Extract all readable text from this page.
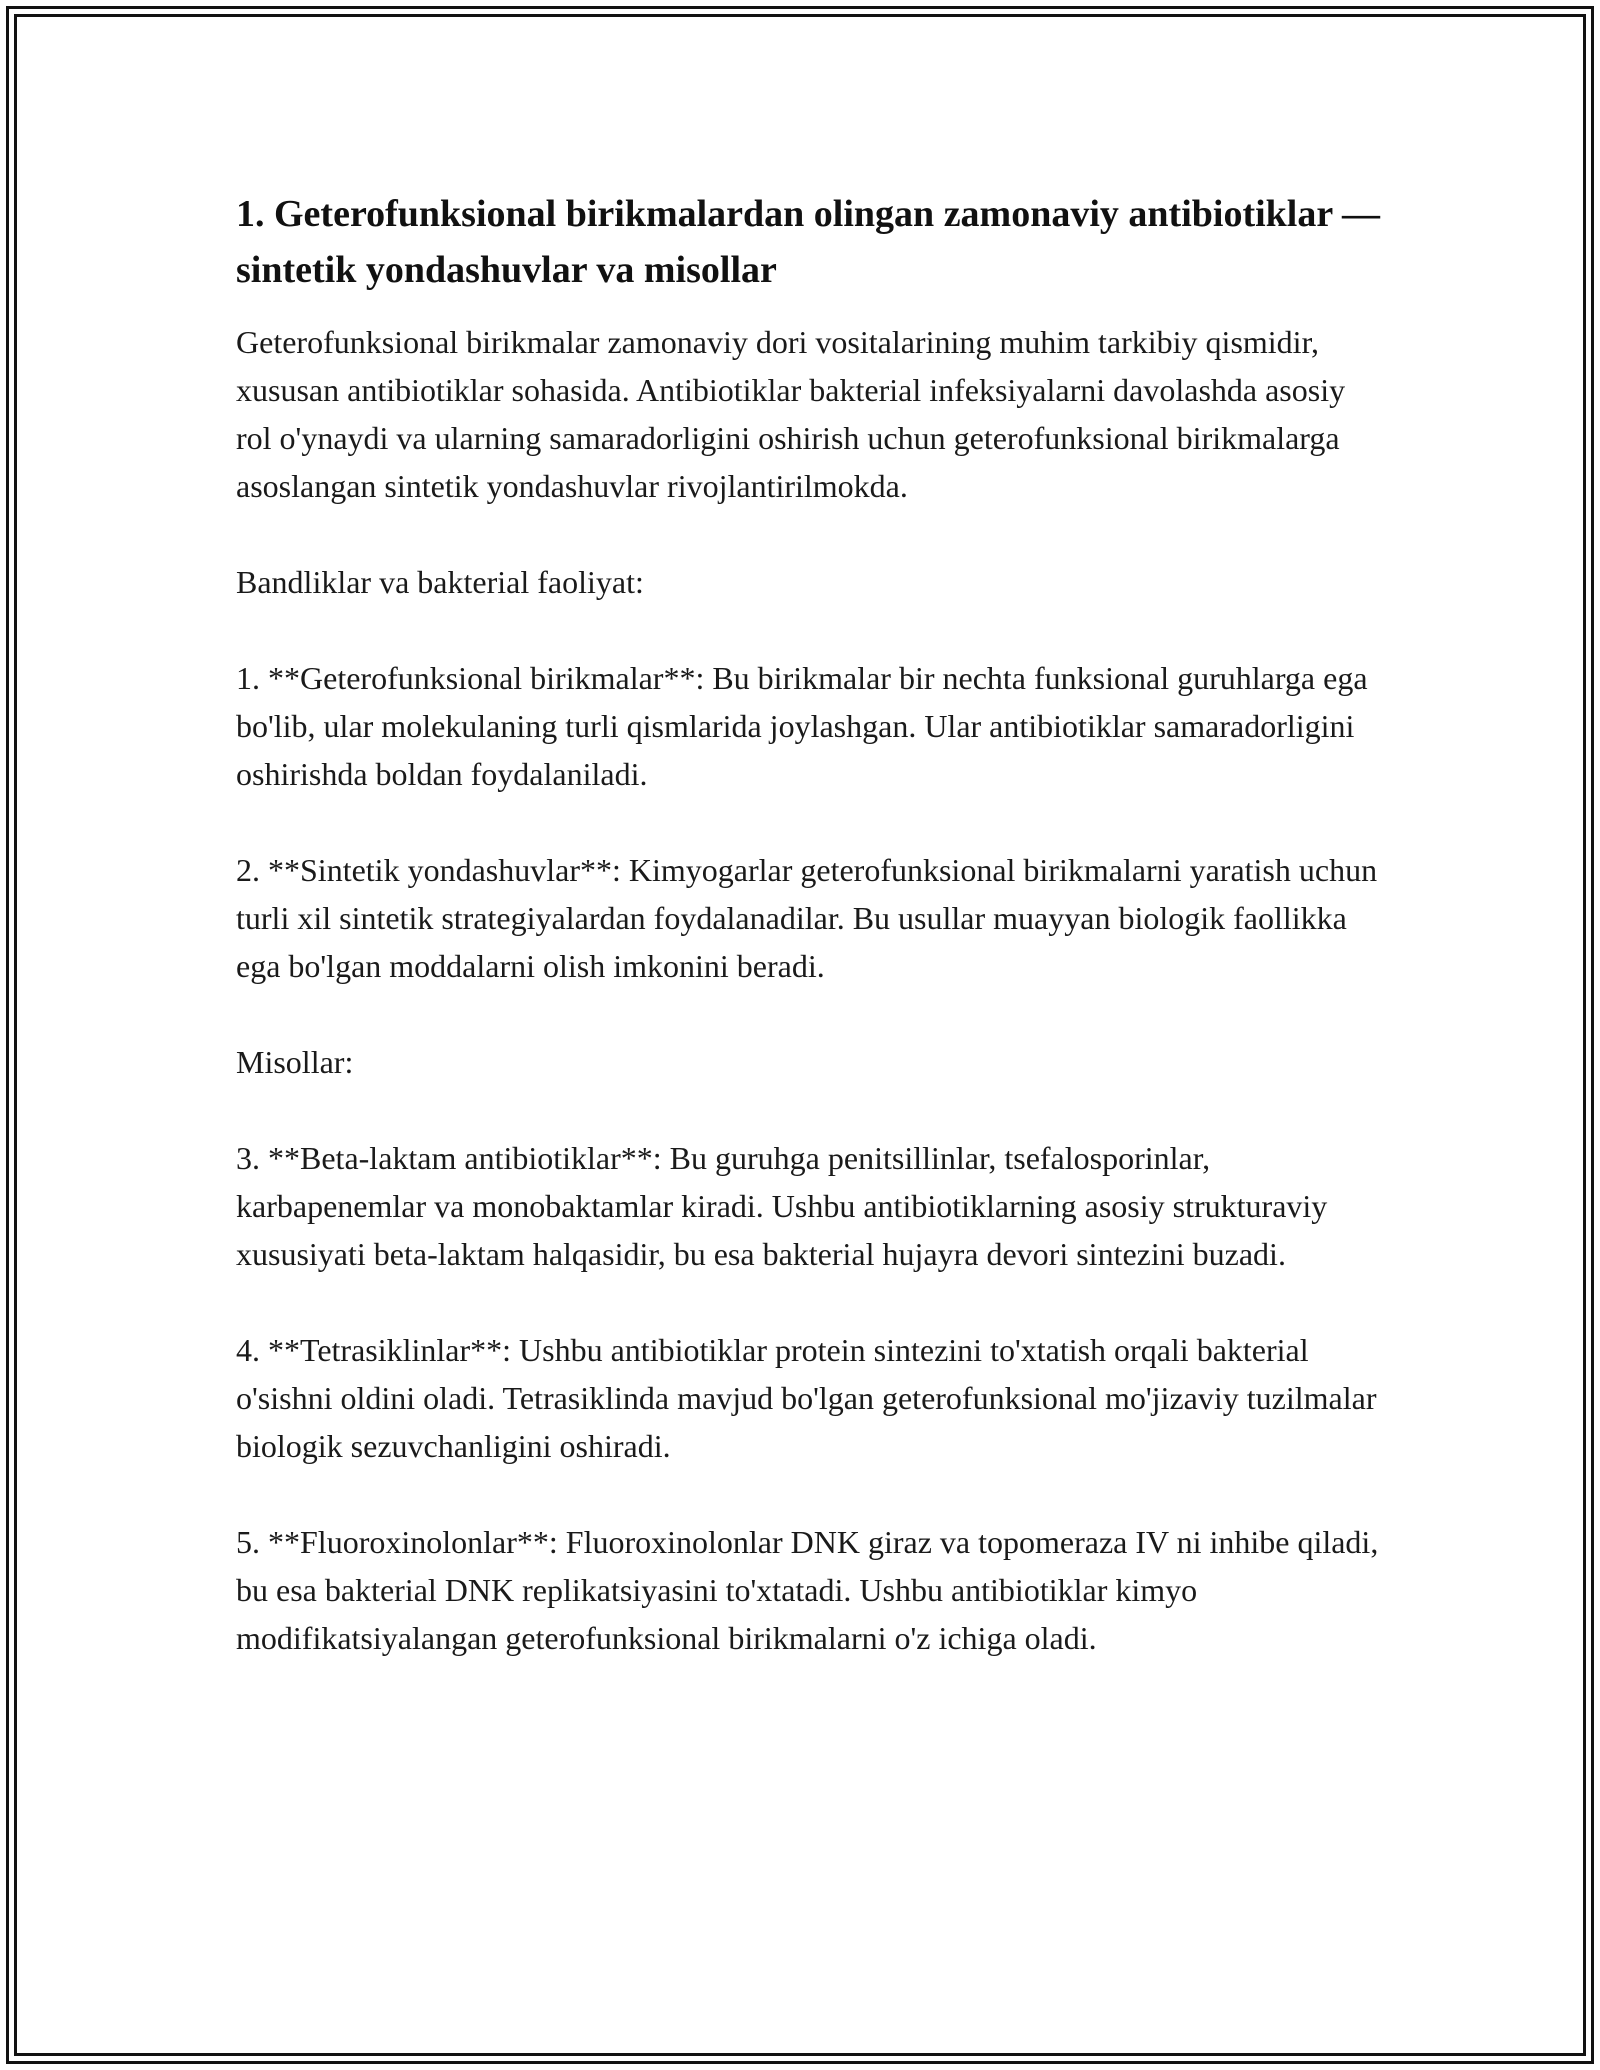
1. Geterofunksional birikmalardan olingan zamonaviy antibiotiklar — sintetik yondashuvlar va misollar

Geterofunksional birikmalar zamonaviy dori vositalarining muhim tarkibiy qismidir, xususan antibiotiklar sohasida. Antibiotiklar bakterial infeksiyalarni davolashda asosiy rol o'ynaydi va ularning samaradorligini oshirish uchun geterofunksional birikmalarga asoslangan sintetik yondashuvlar rivojlantirilmokda.

Bandliklar va bakterial faoliyat:

1. **Geterofunksional birikmalar**: Bu birikmalar bir nechta funksional guruhlarga ega bo'lib, ular molekulaning turli qismlarida joylashgan. Ular antibiotiklar samaradorligini oshirishda boldan foydalaniladi.

2. **Sintetik yondashuvlar**: Kimyogarlar geterofunksional birikmalarni yaratish uchun turli xil sintetik strategiyalardan foydalanadilar. Bu usullar muayyan biologik faollikka ega bo'lgan moddalarni olish imkonini beradi.

Misollar:

3. **Beta-laktam antibiotiklar**: Bu guruhga penitsillinlar, tsefalosporinlar, karbapenemlar va monobaktamlar kiradi. Ushbu antibiotiklarning asosiy strukturaviy xususiyati beta-laktam halqasidir, bu esa bakterial hujayra devori sintezini buzadi.

4. **Tetrasiklinlar**: Ushbu antibiotiklar protein sintezini to'xtatish orqali bakterial o'sishni oldini oladi. Tetrasiklinda mavjud bo'lgan geterofunksional mo'jizaviy tuzilmalar biologik sezuvchanligini oshiradi.

5. **Fluoroxinolonlar**: Fluoroxinolonlar DNK giraz va topomeraza IV ni inhibe qiladi, bu esa bakterial DNK replikatsiyasini to'xtatadi. Ushbu antibiotiklar kimyo modifikatsiyalangan geterofunksional birikmalarni o'z ichiga oladi.
